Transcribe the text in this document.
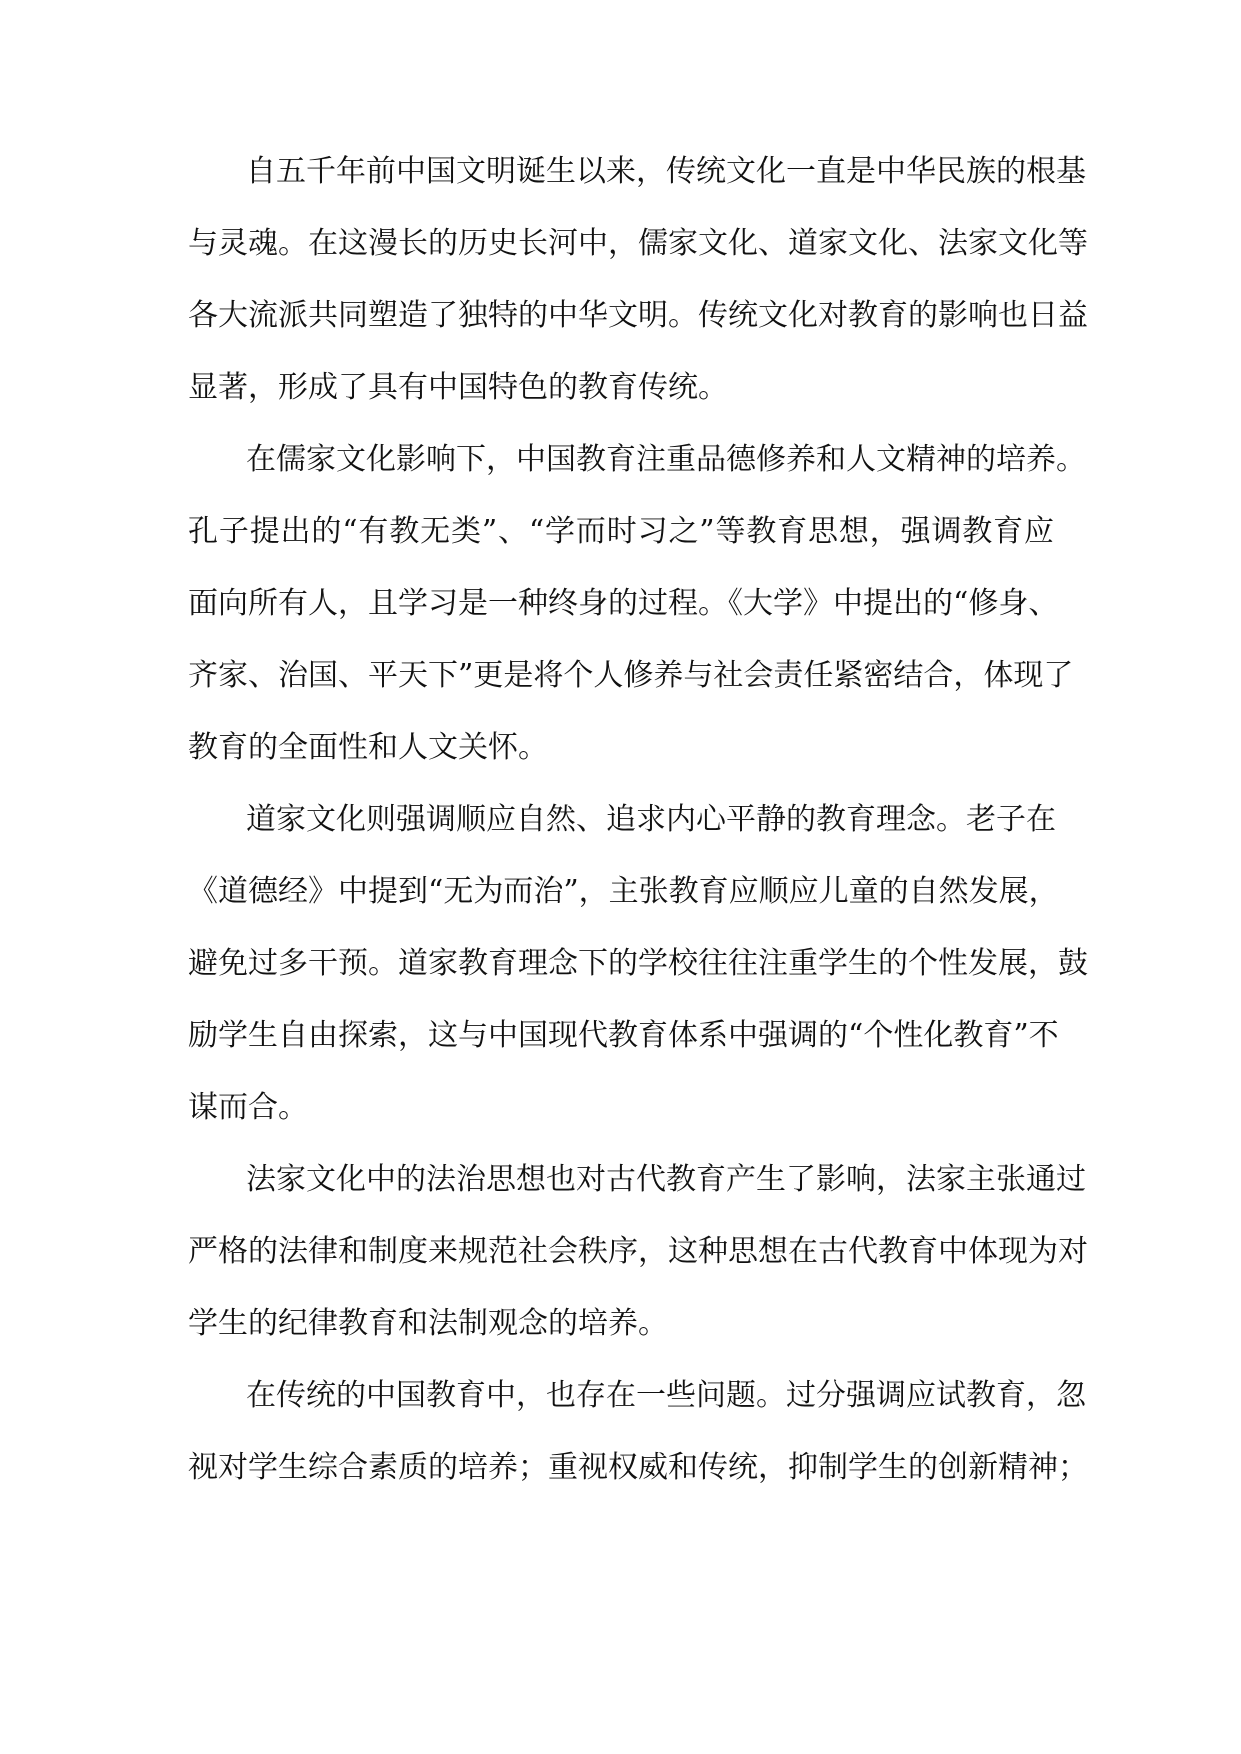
自五千年前中国文明诞生以来，传统文化一直是中华民族的根基
与灵魂。在这漫长的历史长河中，儒家文化、道家文化、法家文化等
各大流派共同塑造了独特的中华文明。传统文化对教育的影响也日益
显著，形成了具有中国特色的教育传统。
在儒家文化影响下，中国教育注重品德修养和人文精神的培养。
孔子提出的“有教无类”、“学而时习之”等教育思想，强调教育应
面向所有人，且学习是一种终身的过程。《大学》中提出的“修身、
齐家、治国、平天下”更是将个人修养与社会责任紧密结合，体现了
教育的全面性和人文关怀。
道家文化则强调顺应自然、追求内心平静的教育理念。老子在
《道德经》中提到“无为而治”，主张教育应顺应儿童的自然发展，
避免过多干预。道家教育理念下的学校往往注重学生的个性发展，鼓
励学生自由探索，这与中国现代教育体系中强调的“个性化教育”不
谋而合。
法家文化中的法治思想也对古代教育产生了影响，法家主张通过
严格的法律和制度来规范社会秩序，这种思想在古代教育中体现为对
学生的纪律教育和法制观念的培养。
在传统的中国教育中，也存在一些问题。过分强调应试教育，忽
视对学生综合素质的培养；重视权威和传统，抑制学生的创新精神；
